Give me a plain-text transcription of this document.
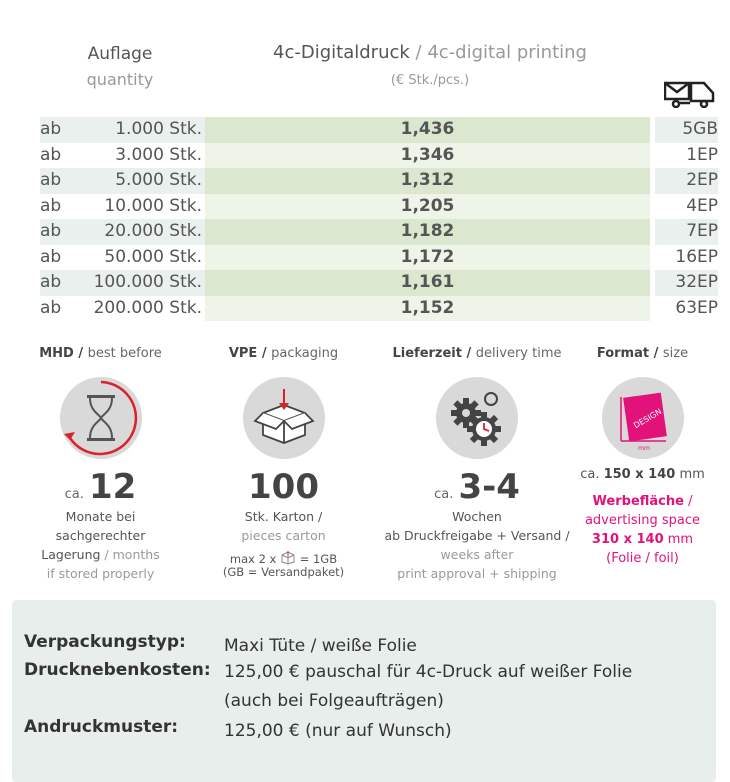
Auflage
quantity
4c-Digitaldruck / 4c-digital printing
(€ Stk./pcs.)
ab	1.000 Stk.	1,436	5GB
ab	3.000 Stk.	1,346	1EP
ab	5.000 Stk.	1,312	2EP
ab	10.000 Stk.	1,205	4EP
ab	20.000 Stk.	1,182	7EP
ab	50.000 Stk.	1,172	16EP
ab	100.000 Stk.	1,161	32EP
ab	200.000 Stk.	1,152	63EP
MHD / best before
ca. 12
Monate bei
sachgerechter
Lagerung / months
if stored properly
VPE / packaging
100
Stk. Karton /
pieces carton
max 2 x = 1GB
(GB = Versandpaket)
Lieferzeit / delivery time
ca. 3-4
Wochen
ab Druckfreigabe + Versand /
weeks after
print approval + shipping
Format / size
DESIGN
mm
ca. 150 x 140 mm
Werbefläche /
advertising space
310 x 140 mm
(Folie / foil)
Verpackungstyp:	Maxi Tüte / weiße Folie
Drucknebenkosten: 125,00 € pauschal für 4c-Druck auf weißer Folie
(auch bei Folgeaufträgen)
Andruckmuster:	125,00 € (nur auf Wunsch)
